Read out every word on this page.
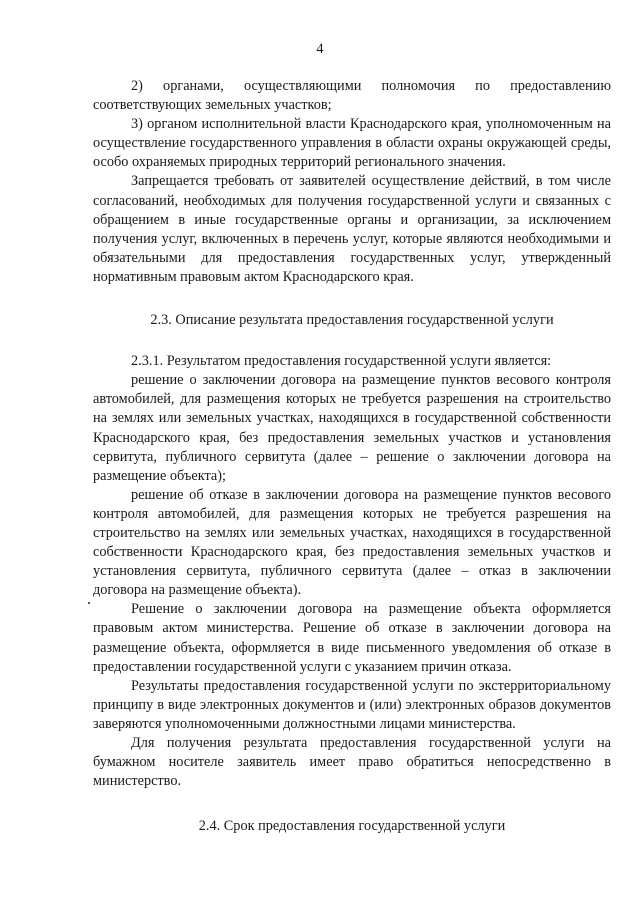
4

2) органами, осуществляющими полномочия по предоставлению соответствующих земельных участков;

3) органом исполнительной власти Краснодарского края, уполномоченным на осуществление государственного управления в области охраны окружающей среды, особо охраняемых природных территорий регионального значения.

Запрещается требовать от заявителей осуществление действий, в том числе согласований, необходимых для получения государственной услуги и связанных с обращением в иные государственные органы и организации, за исключением получения услуг, включенных в перечень услуг, которые являются необходимыми и обязательными для предоставления государственных услуг, утвержденный нормативным правовым актом Краснодарского края.

2.3. Описание результата предоставления государственной услуги

2.3.1. Результатом предоставления государственной услуги является:

решение о заключении договора на размещение пунктов весового контроля автомобилей, для размещения которых не требуется разрешения на строительство на землях или земельных участках, находящихся в государственной собственности Краснодарского края, без предоставления земельных участков и установления сервитута, публичного сервитута (далее – решение о заключении договора на размещение объекта);

решение об отказе в заключении договора на размещение пунктов весового контроля автомобилей, для размещения которых не требуется разрешения на строительство на землях или земельных участках, находящихся в государственной собственности Краснодарского края, без предоставления земельных участков и установления сервитута, публичного сервитута (далее – отказ в заключении договора на размещение объекта).

Решение о заключении договора на размещение объекта оформляется правовым актом министерства. Решение об отказе в заключении договора на размещение объекта, оформляется в виде письменного уведомления об отказе в предоставлении государственной услуги с указанием причин отказа.

Результаты предоставления государственной услуги по экстерриториальному принципу в виде электронных документов и (или) электронных образов документов заверяются уполномоченными должностными лицами министерства.

Для получения результата предоставления государственной услуги на бумажном носителе заявитель имеет право обратиться непосредственно в министерство.

2.4. Срок предоставления государственной услуги
